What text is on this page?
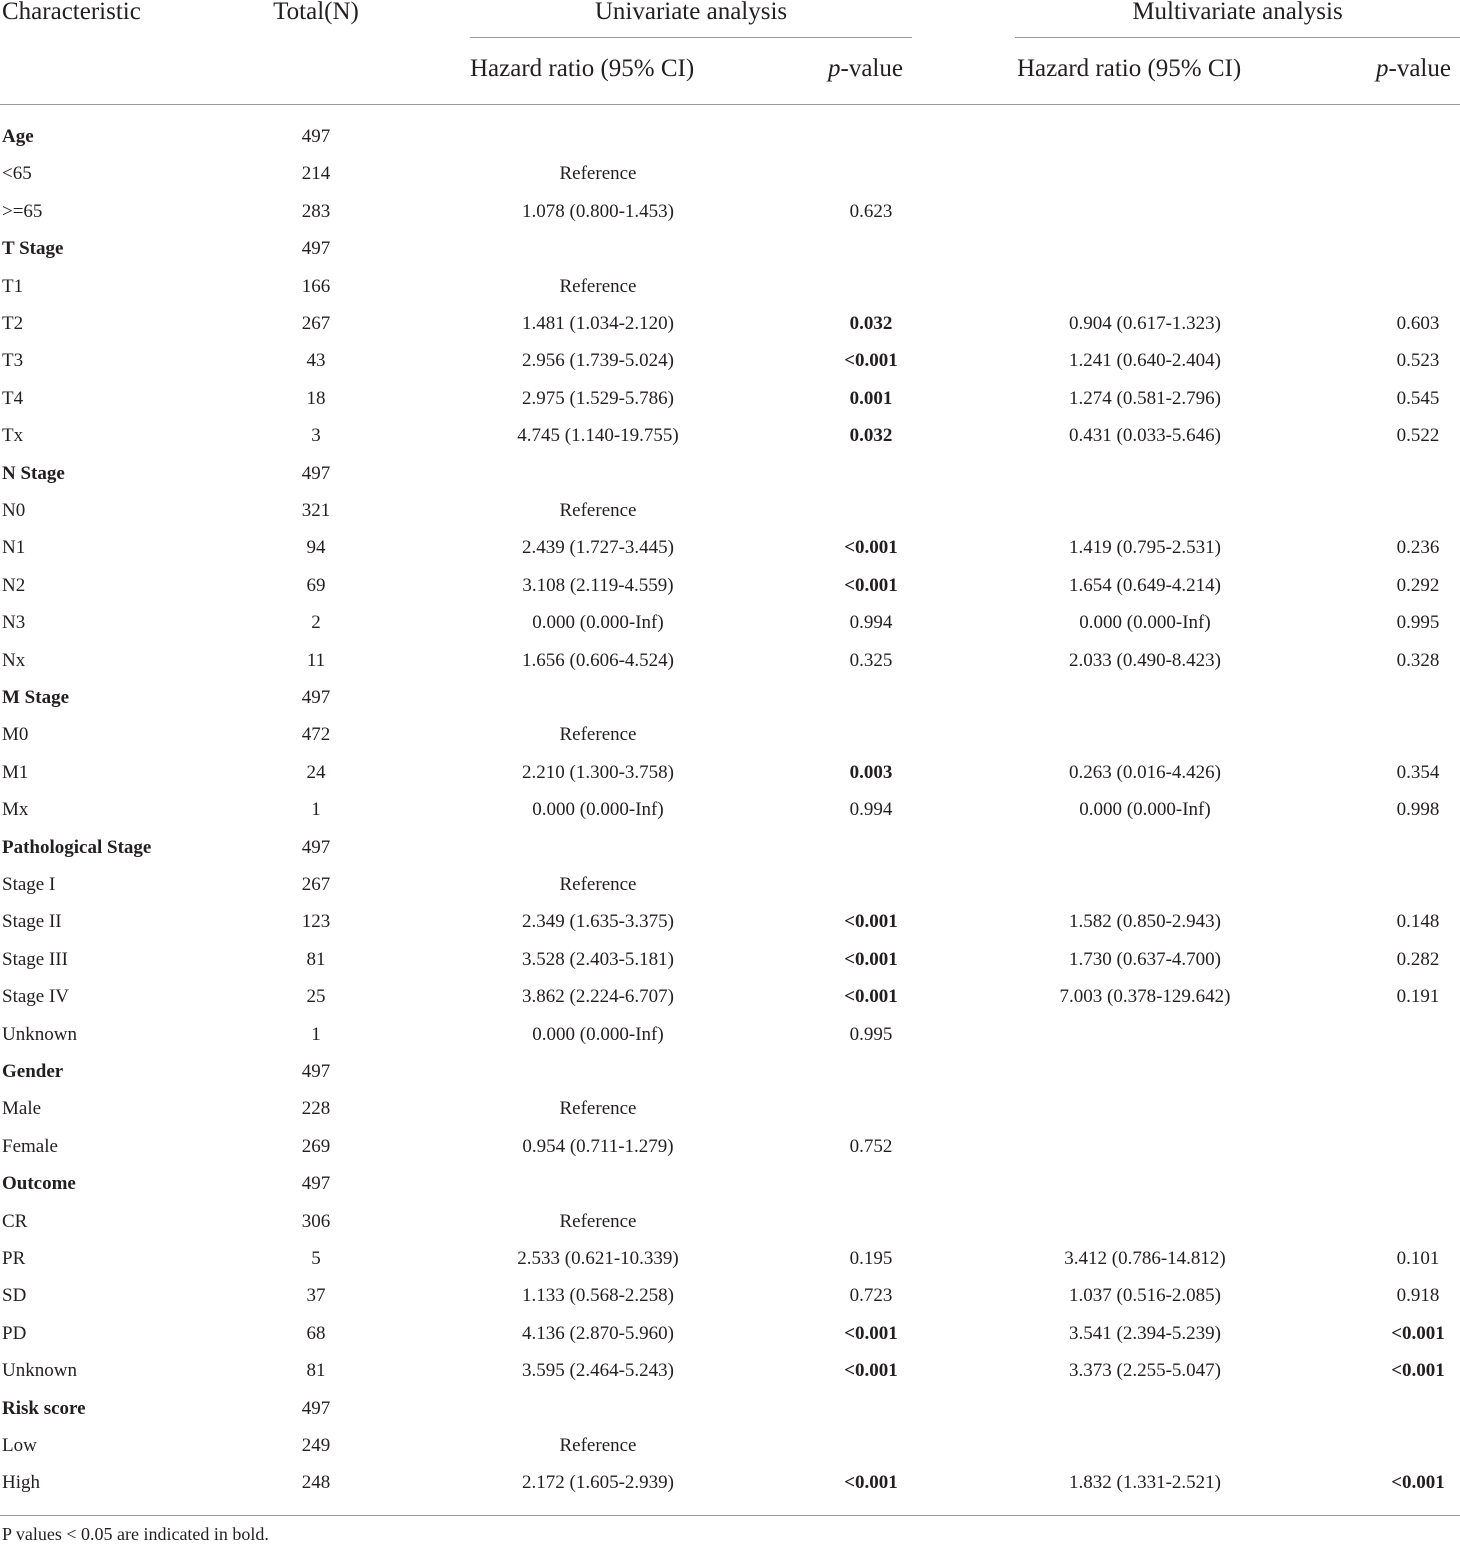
Characteristic	Total(N)	Univariate analysis	Multivariate analysis
Hazard ratio (95% CI)	p-value	Hazard ratio (95% CI)	p-value
Age	497
<65	214	Reference
>=65	283	1.078 (0.800-1.453)	0.623
T Stage	497
T1	166	Reference
T2	267	1.481 (1.034-2.120)	0.032	0.904 (0.617-1.323)	0.603
T3	43	2.956 (1.739-5.024)	<0.001	1.241 (0.640-2.404)	0.523
T4	18	2.975 (1.529-5.786)	0.001	1.274 (0.581-2.796)	0.545
Tx	3	4.745 (1.140-19.755)	0.032	0.431 (0.033-5.646)	0.522
N Stage	497
N0	321	Reference
N1	94	2.439 (1.727-3.445)	<0.001	1.419 (0.795-2.531)	0.236
N2	69	3.108 (2.119-4.559)	<0.001	1.654 (0.649-4.214)	0.292
N3	2	0.000 (0.000-Inf)	0.994	0.000 (0.000-Inf)	0.995
Nx	11	1.656 (0.606-4.524)	0.325	2.033 (0.490-8.423)	0.328
M Stage	497
M0	472	Reference
M1	24	2.210 (1.300-3.758)	0.003	0.263 (0.016-4.426)	0.354
Mx	1	0.000 (0.000-Inf)	0.994	0.000 (0.000-Inf)	0.998
Pathological Stage	497
Stage I	267	Reference
Stage II	123	2.349 (1.635-3.375)	<0.001	1.582 (0.850-2.943)	0.148
Stage III	81	3.528 (2.403-5.181)	<0.001	1.730 (0.637-4.700)	0.282
Stage IV	25	3.862 (2.224-6.707)	<0.001	7.003 (0.378-129.642)	0.191
Unknown	1	0.000 (0.000-Inf)	0.995
Gender	497
Male	228	Reference
Female	269	0.954 (0.711-1.279)	0.752
Outcome	497
CR	306	Reference
PR	5	2.533 (0.621-10.339)	0.195	3.412 (0.786-14.812)	0.101
SD	37	1.133 (0.568-2.258)	0.723	1.037 (0.516-2.085)	0.918
PD	68	4.136 (2.870-5.960)	<0.001	3.541 (2.394-5.239)	<0.001
Unknown	81	3.595 (2.464-5.243)	<0.001	3.373 (2.255-5.047)	<0.001
Risk score	497
Low	249	Reference
High	248	2.172 (1.605-2.939)	<0.001	1.832 (1.331-2.521)	<0.001
P values < 0.05 are indicated in bold.
